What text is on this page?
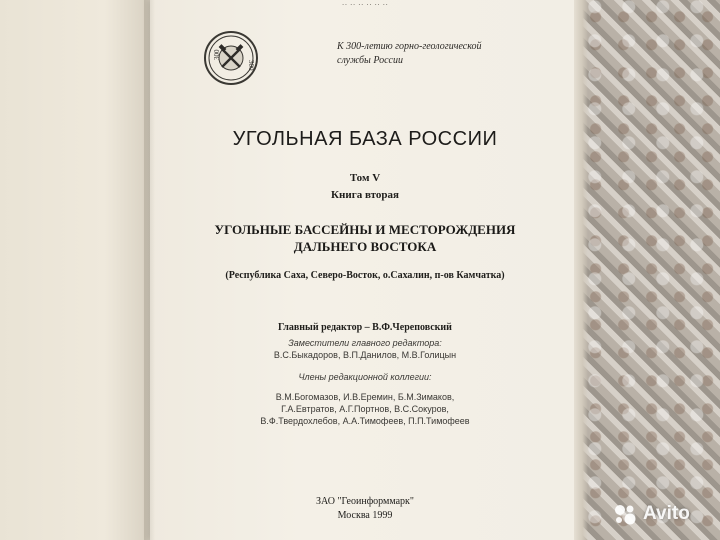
·· ·· ·· ·· ·· ··
300
300
К 300-летию горно-геологической
службы России
УГОЛЬНАЯ БАЗА РОССИИ
Том V
Книга вторая
УГОЛЬНЫЕ БАССЕЙНЫ И МЕСТОРОЖДЕНИЯ
ДАЛЬНЕГО ВОСТОКА
(Республика Саха, Северо-Восток, о.Сахалин, п-ов Камчатка)
Главный редактор – В.Ф.Череповский
Заместители главного редактора:
В.С.Быкадоров, В.П.Данилов, М.В.Голицын
Члены редакционной коллегии:
В.М.Богомазов, И.В.Еремин, Б.М.Зимаков,
Г.А.Евтратов, А.Г.Портнов, В.С.Сокуров,
В.Ф.Твердохлебов, А.А.Тимофеев, П.П.Тимофеев
ЗАО "Геоинформмарк"
Москва 1999	Avito
